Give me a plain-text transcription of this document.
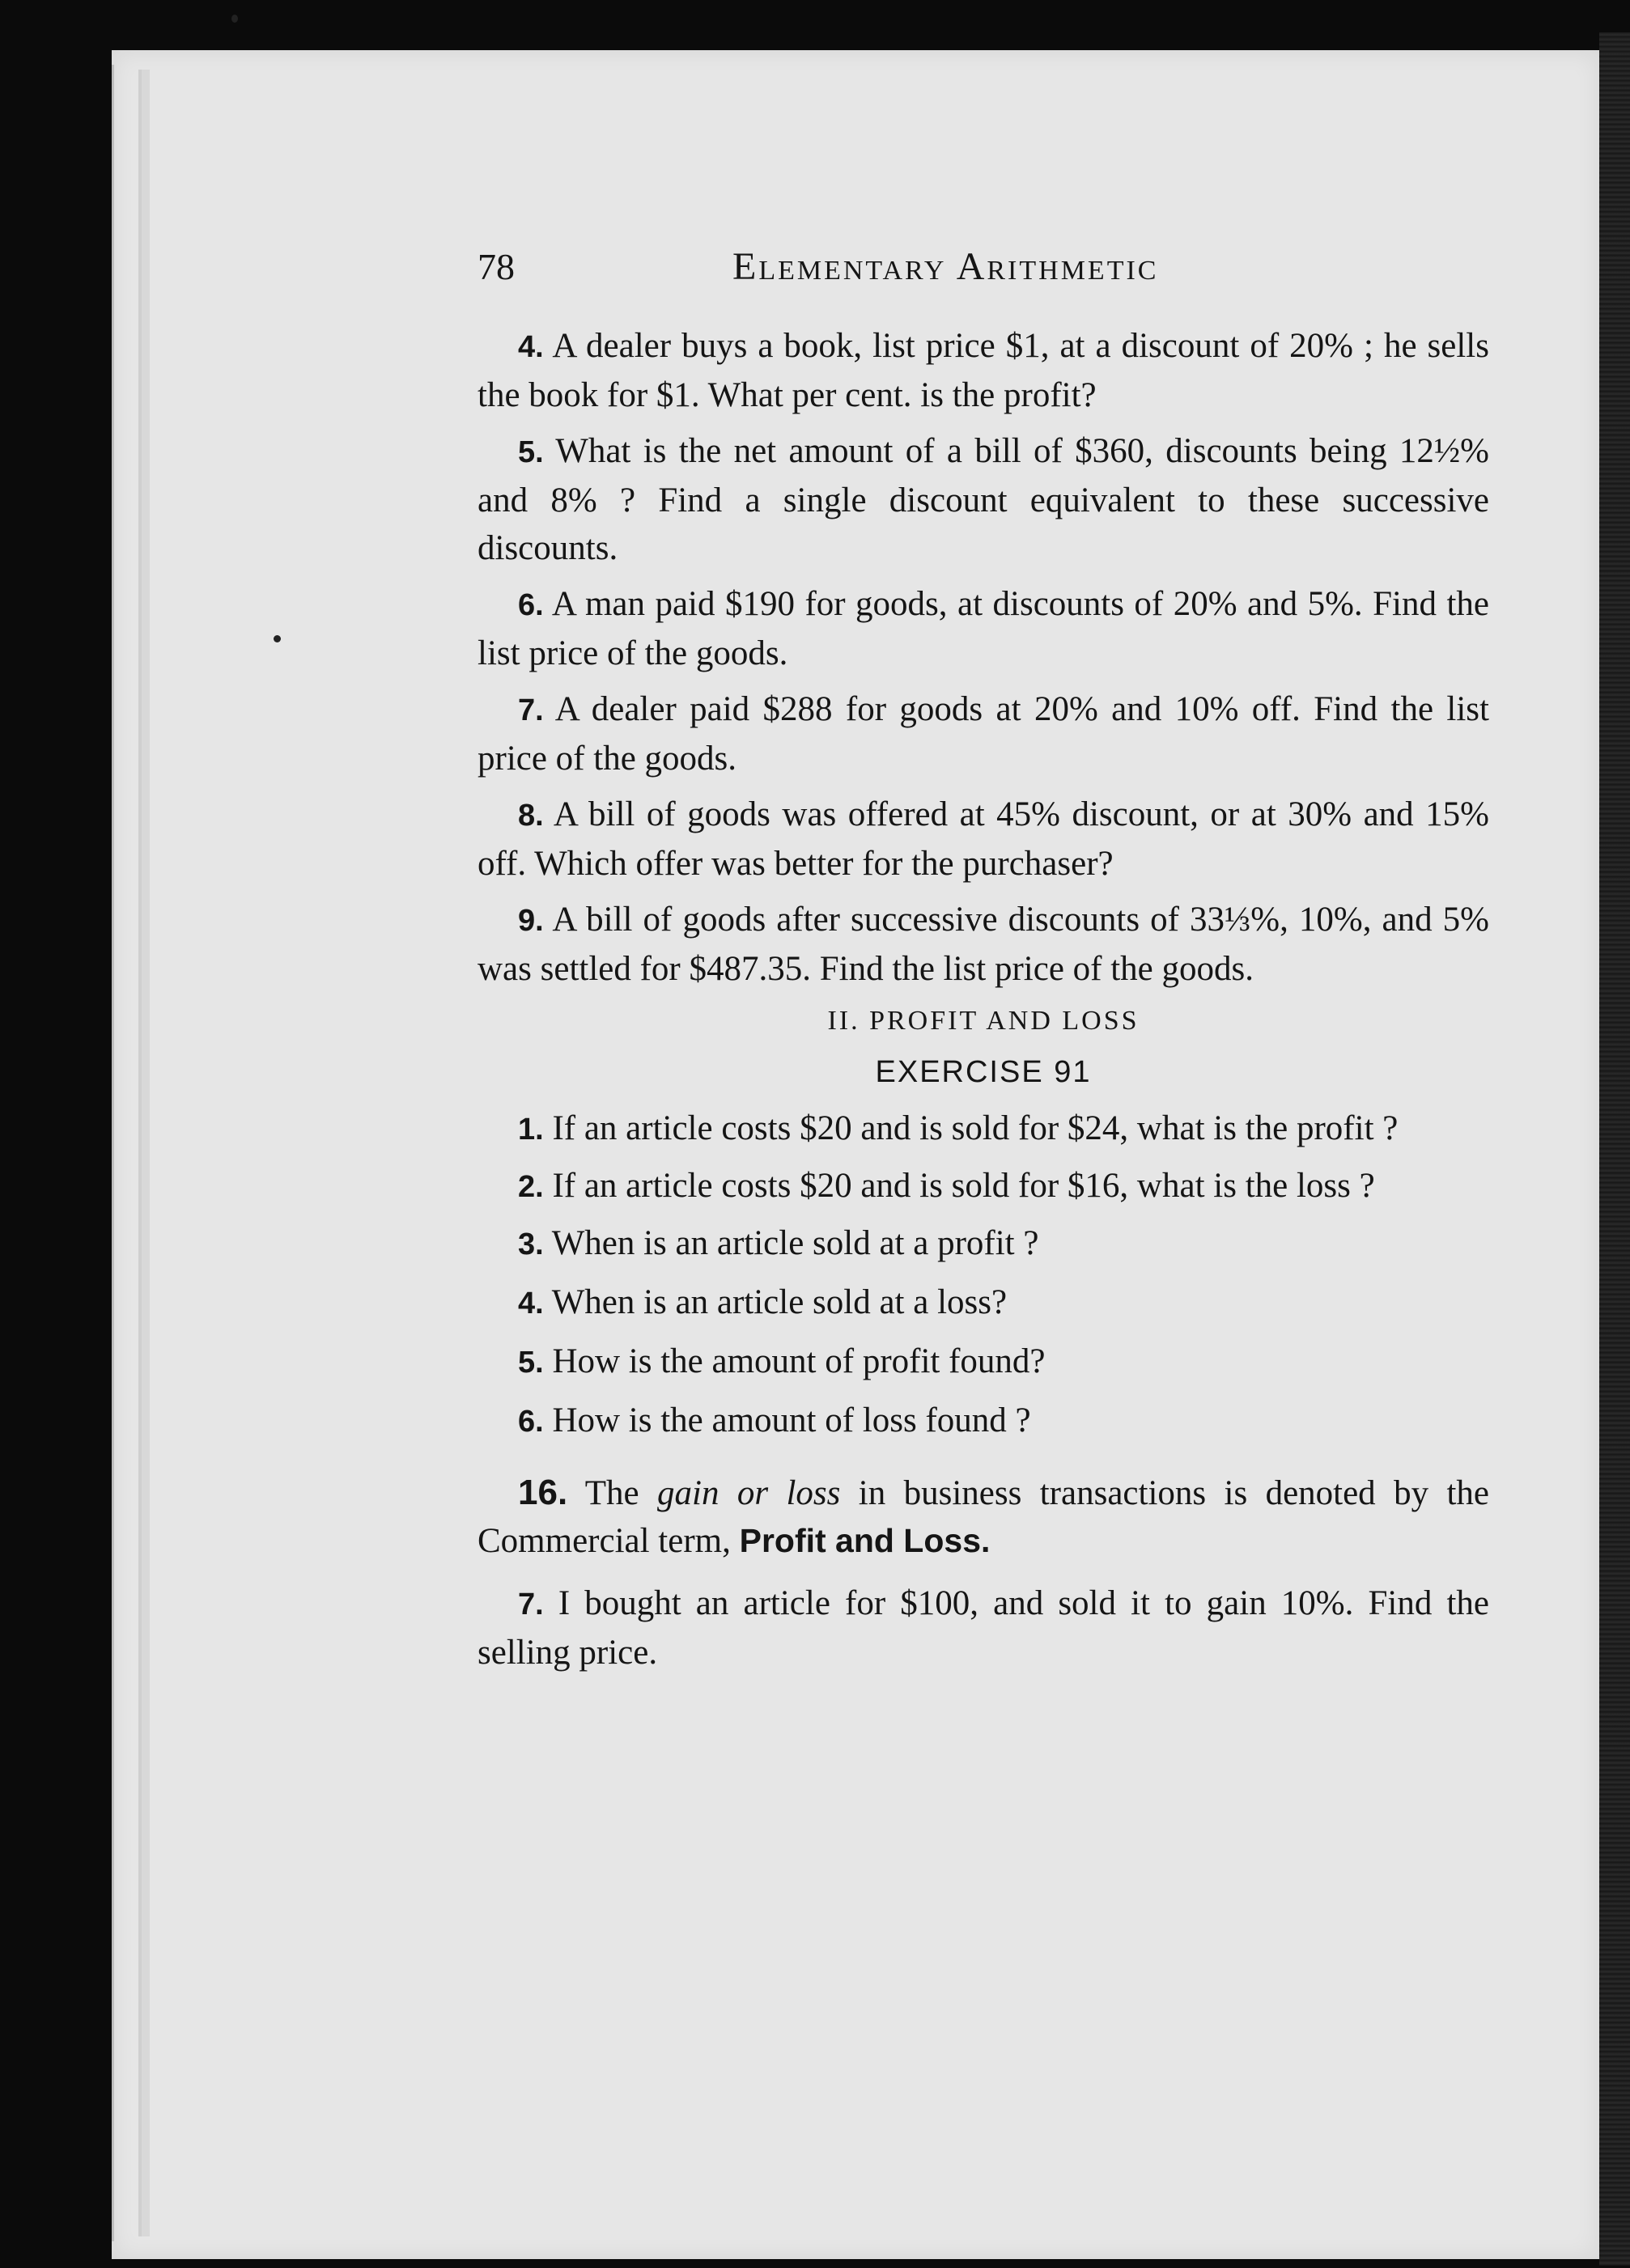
78	Elementary Arithmetic

4. A dealer buys a book, list price $1, at a discount of 20% ; he sells the book for $1. What per cent. is the profit?

5. What is the net amount of a bill of $360, discounts being 12½% and 8% ? Find a single discount equivalent to these successive discounts.

6. A man paid $190 for goods, at discounts of 20% and 5%. Find the list price of the goods.

7. A dealer paid $288 for goods at 20% and 10% off. Find the list price of the goods.

8. A bill of goods was offered at 45% discount, or at 30% and 15% off. Which offer was better for the purchaser?

9. A bill of goods after successive discounts of 33⅓%, 10%, and 5% was settled for $487.35. Find the list price of the goods.

II. PROFIT AND LOSS
EXERCISE 91

1. If an article costs $20 and is sold for $24, what is the profit ?

2. If an article costs $20 and is sold for $16, what is the loss ?

3. When is an article sold at a profit ?

4. When is an article sold at a loss?

5. How is the amount of profit found?

6. How is the amount of loss found ?

16. The gain or loss in business transactions is denoted by the Commercial term, Profit and Loss.

7. I bought an article for $100, and sold it to gain 10%. Find the selling price.
